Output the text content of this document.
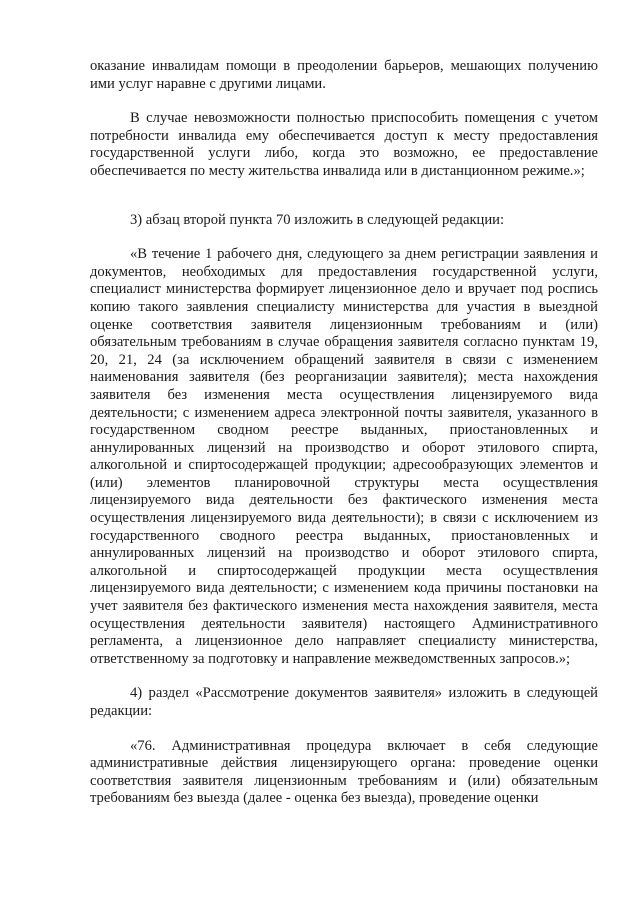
оказание инвалидам помощи в преодолении барьеров, мешающих получению ими услуг наравне с другими лицами.

В случае невозможности полностью приспособить помещения с учетом потребности инвалида ему обеспечивается доступ к месту предоставления государственной услуги либо, когда это возможно, ее предоставление обеспечивается по месту жительства инвалида или в дистанционном режиме.»;

3) абзац второй пункта 70 изложить в следующей редакции:

«В течение 1 рабочего дня, следующего за днем регистрации заявления и документов, необходимых для предоставления государственной услуги, специалист министерства формирует лицензионное дело и вручает под роспись копию такого заявления специалисту министерства для участия в выездной оценке соответствия заявителя лицензионным требованиям и (или) обязательным требованиям в случае обращения заявителя согласно пунктам 19, 20, 21, 24 (за исключением обращений заявителя в связи с изменением наименования заявителя (без реорганизации заявителя); места нахождения заявителя без изменения места осуществления лицензируемого вида деятельности; с изменением адреса электронной почты заявителя, указанного в государственном сводном реестре выданных, приостановленных и аннулированных лицензий на производство и оборот этилового спирта, алкогольной и спиртосодержащей продукции; адресообразующих элементов и (или) элементов планировочной структуры места осуществления лицензируемого вида деятельности без фактического изменения места осуществления лицензируемого вида деятельности); в связи с исключением из государственного сводного реестра выданных, приостановленных и аннулированных лицензий на производство и оборот этилового спирта, алкогольной и спиртосодержащей продукции места осуществления лицензируемого вида деятельности; с изменением кода причины постановки на учет заявителя без фактического изменения места нахождения заявителя, места осуществления деятельности заявителя) настоящего Административного регламента, а лицензионное дело направляет специалисту министерства, ответственному за подготовку и направление межведомственных запросов.»;

4) раздел «Рассмотрение документов заявителя» изложить в следующей редакции:

«76. Административная процедура включает в себя следующие административные действия лицензирующего органа: проведение оценки соответствия заявителя лицензионным требованиям и (или) обязательным требованиям без выезда (далее - оценка без выезда), проведение оценки
